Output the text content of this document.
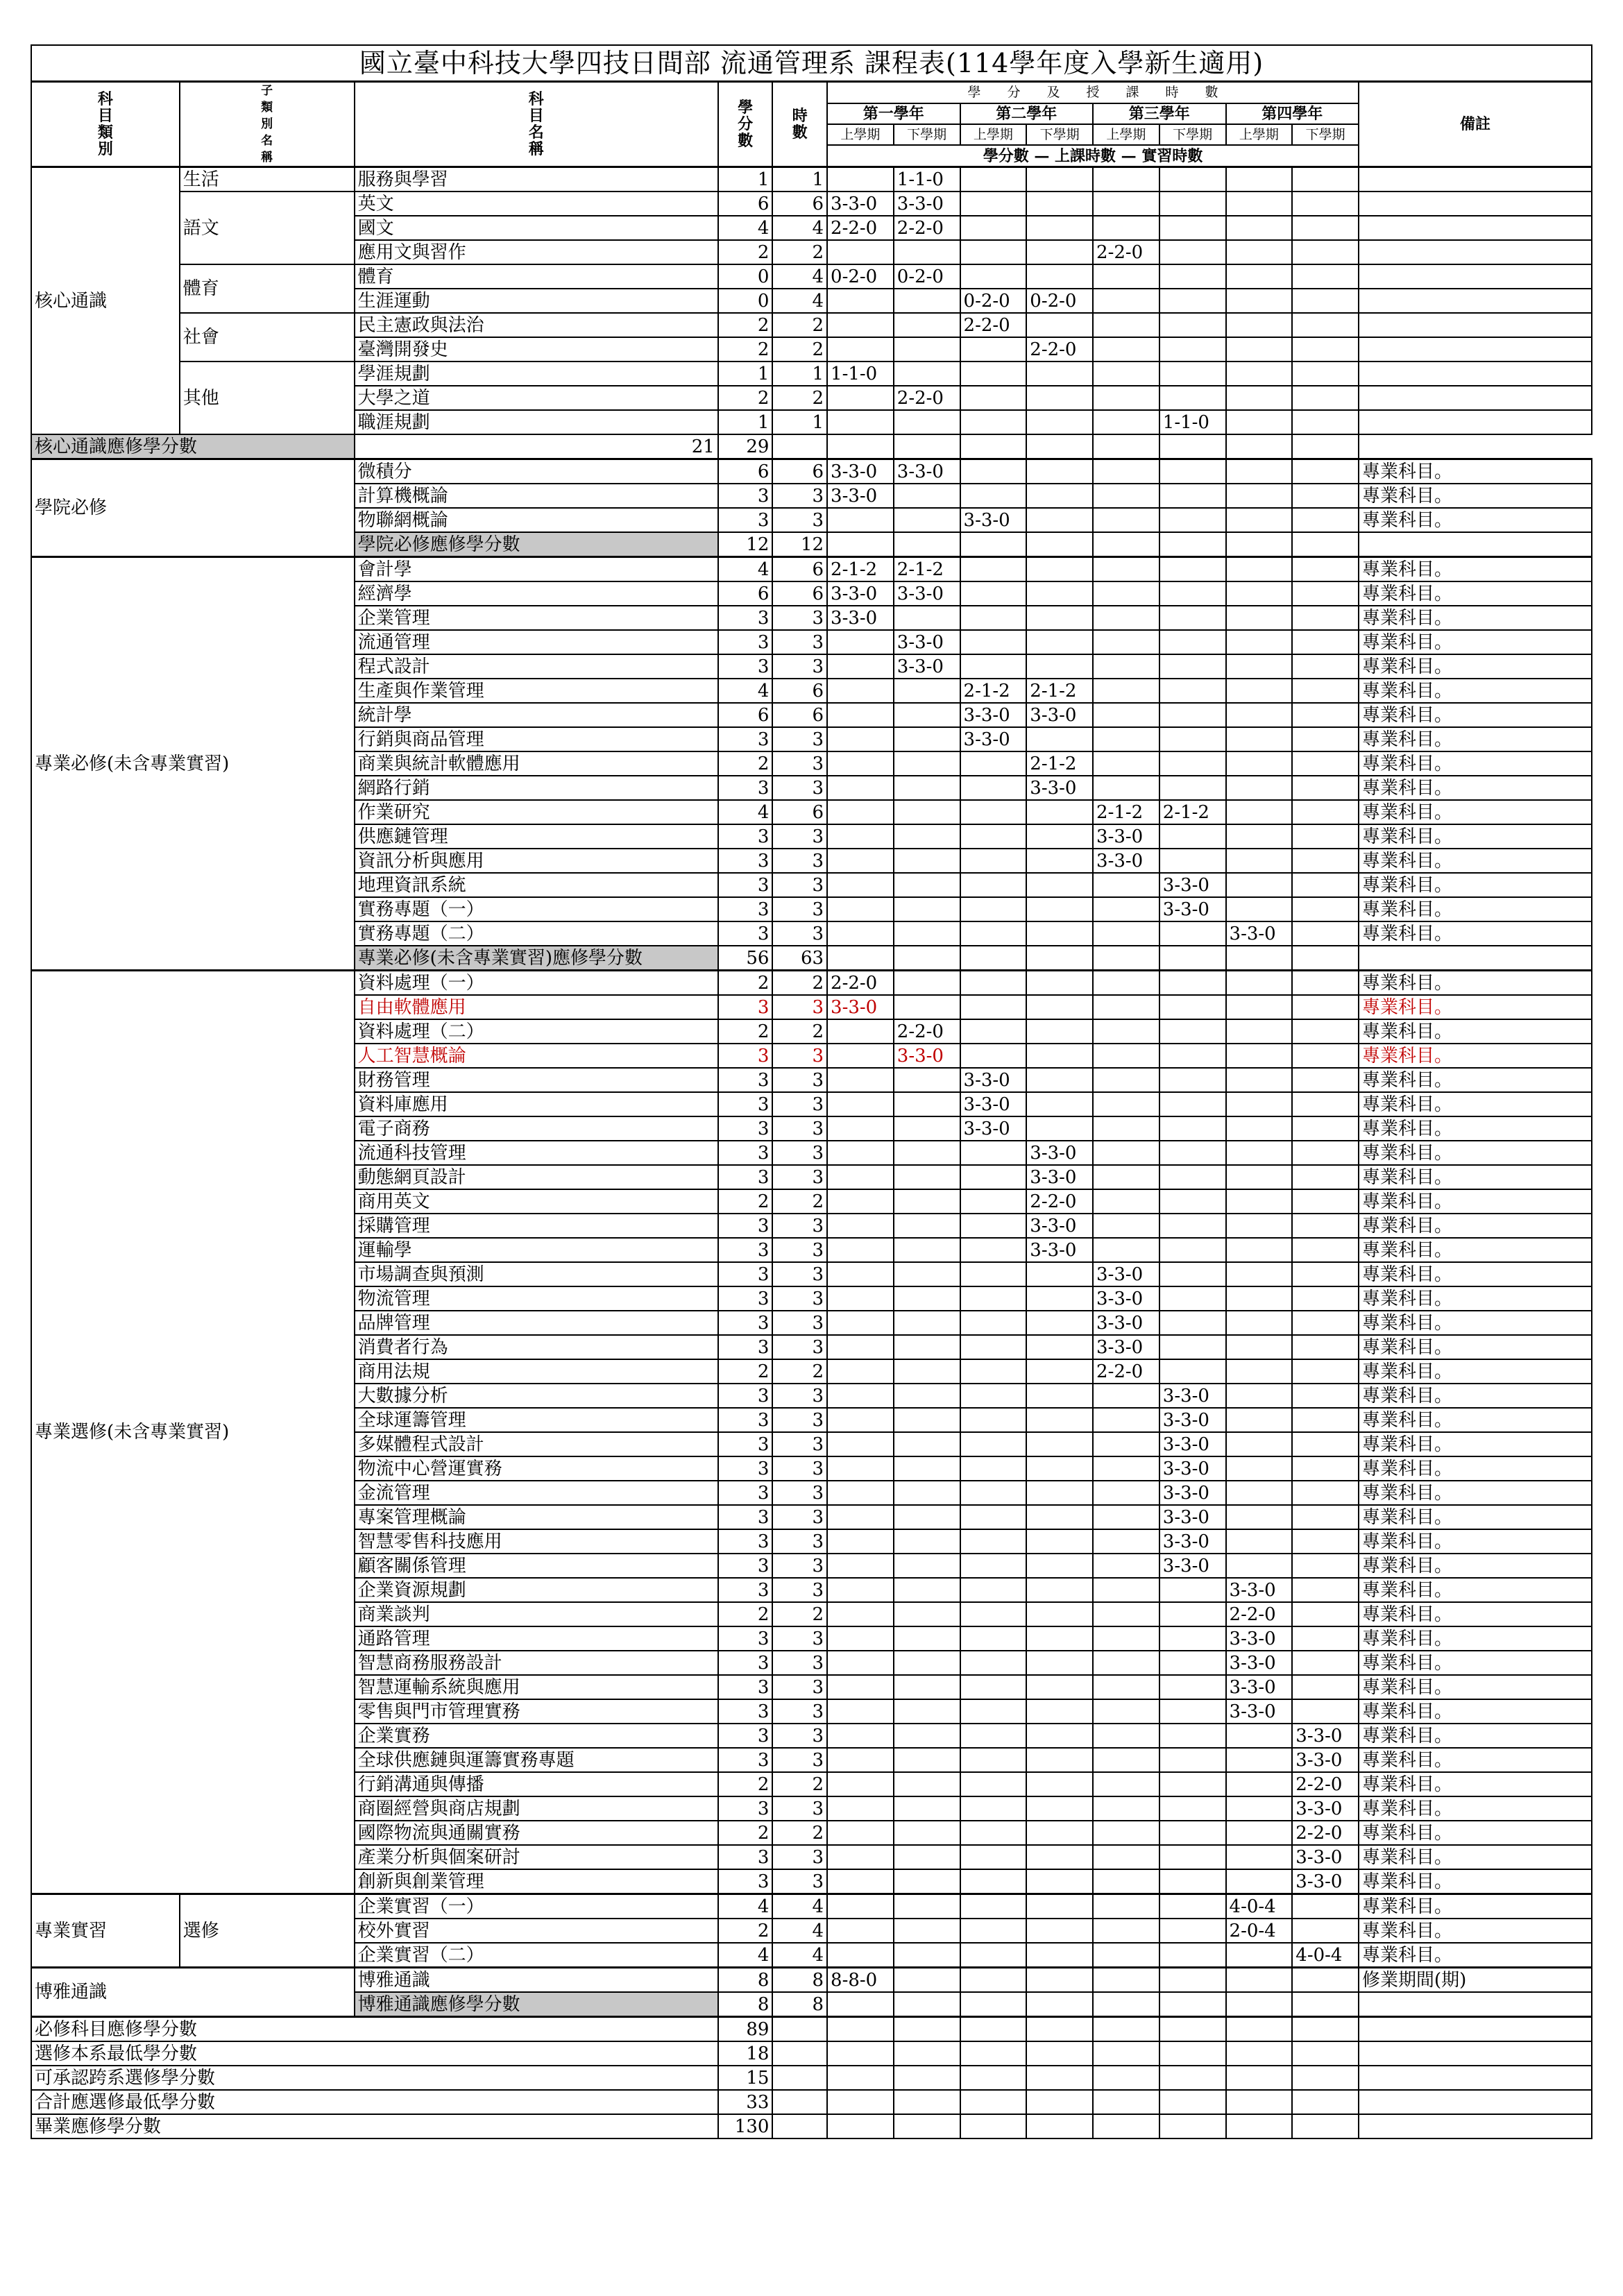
國立臺中科技大學四技日間部 流通管理系 課程表(114學年度入學新生適用)													

科
目
類
別	子
類
別
名
稱	科
目
名
稱	學
分
數	時
數	學　　分　　及　　授　　課　　時　　數								備註
					第一學年		第二學年		第三學年		第四學年		
					上學期	下學期	上學期	下學期	上學期	下學期	上學期	下學期	
					學分數 — 上課時數 — 實習時數								
核心通識	生活	服務與學習	1	1		1-1-0							
	語文	英文	6	6	3-3-0	3-3-0							
		國文	4	4	2-2-0	2-2-0							
		應用文與習作	2	2					2-2-0				
	體育	體育	0	4	0-2-0	0-2-0							
		生涯運動	0	4			0-2-0	0-2-0					
	社會	民主憲政與法治	2	2			2-2-0						
		臺灣開發史	2	2				2-2-0					
	其他	學涯規劃	1	1	1-1-0								
		大學之道	2	2		2-2-0							
		職涯規劃	1	1						1-1-0			
核心通識應修學分數		21	29										
學院必修		微積分	6	6	3-3-0	3-3-0							專業科目。
		計算機概論	3	3	3-3-0								專業科目。
		物聯網概論	3	3			3-3-0						專業科目。
		學院必修應修學分數	12	12									
專業必修(未含專業實習)		會計學	4	6	2-1-2	2-1-2							專業科目。
		經濟學	6	6	3-3-0	3-3-0							專業科目。
		企業管理	3	3	3-3-0								專業科目。
		流通管理	3	3		3-3-0							專業科目。
		程式設計	3	3		3-3-0							專業科目。
		生產與作業管理	4	6			2-1-2	2-1-2					專業科目。
		統計學	6	6			3-3-0	3-3-0					專業科目。
		行銷與商品管理	3	3			3-3-0						專業科目。
		商業與統計軟體應用	2	3				2-1-2					專業科目。
		網路行銷	3	3				3-3-0					專業科目。
		作業研究	4	6					2-1-2	2-1-2			專業科目。
		供應鏈管理	3	3					3-3-0				專業科目。
		資訊分析與應用	3	3					3-3-0				專業科目。
		地理資訊系統	3	3						3-3-0			專業科目。
		實務專題（一）	3	3						3-3-0			專業科目。
		實務專題（二）	3	3							3-3-0		專業科目。
		專業必修(未含專業實習)應修學分數	56	63									
專業選修(未含專業實習)		資料處理（一）	2	2	2-2-0								專業科目。
		自由軟體應用	3	3	3-3-0								專業科目。
		資料處理（二）	2	2		2-2-0							專業科目。
		人工智慧概論	3	3		3-3-0							專業科目。
		財務管理	3	3			3-3-0						專業科目。
		資料庫應用	3	3			3-3-0						專業科目。
		電子商務	3	3			3-3-0						專業科目。
		流通科技管理	3	3				3-3-0					專業科目。
		動態網頁設計	3	3				3-3-0					專業科目。
		商用英文	2	2				2-2-0					專業科目。
		採購管理	3	3				3-3-0					專業科目。
		運輸學	3	3				3-3-0					專業科目。
		市場調查與預測	3	3					3-3-0				專業科目。
		物流管理	3	3					3-3-0				專業科目。
		品牌管理	3	3					3-3-0				專業科目。
		消費者行為	3	3					3-3-0				專業科目。
		商用法規	2	2					2-2-0				專業科目。
		大數據分析	3	3						3-3-0			專業科目。
		全球運籌管理	3	3						3-3-0			專業科目。
		多媒體程式設計	3	3						3-3-0			專業科目。
		物流中心營運實務	3	3						3-3-0			專業科目。
		金流管理	3	3						3-3-0			專業科目。
		專案管理概論	3	3						3-3-0			專業科目。
		智慧零售科技應用	3	3						3-3-0			專業科目。
		顧客關係管理	3	3						3-3-0			專業科目。
		企業資源規劃	3	3							3-3-0		專業科目。
		商業談判	2	2							2-2-0		專業科目。
		通路管理	3	3							3-3-0		專業科目。
		智慧商務服務設計	3	3							3-3-0		專業科目。
		智慧運輸系統與應用	3	3							3-3-0		專業科目。
		零售與門市管理實務	3	3							3-3-0		專業科目。
		企業實務	3	3								3-3-0	專業科目。
		全球供應鏈與運籌實務專題	3	3								3-3-0	專業科目。
		行銷溝通與傳播	2	2								2-2-0	專業科目。
		商圈經營與商店規劃	3	3								3-3-0	專業科目。
		國際物流與通關實務	2	2								2-2-0	專業科目。
		產業分析與個案研討	3	3								3-3-0	專業科目。
		創新與創業管理	3	3								3-3-0	專業科目。
專業實習	選修	企業實習（一）	4	4							4-0-4		專業科目。
		校外實習	2	4							2-0-4		專業科目。
		企業實習（二）	4	4								4-0-4	專業科目。
博雅通識		博雅通識	8	8	8-8-0								修業期間(期)
		博雅通識應修學分數	8	8									
必修科目應修學分數			89										
選修本系最低學分數			18										
可承認跨系選修學分數			15										
合計應選修最低學分數			33										
畢業應修學分數			130										
